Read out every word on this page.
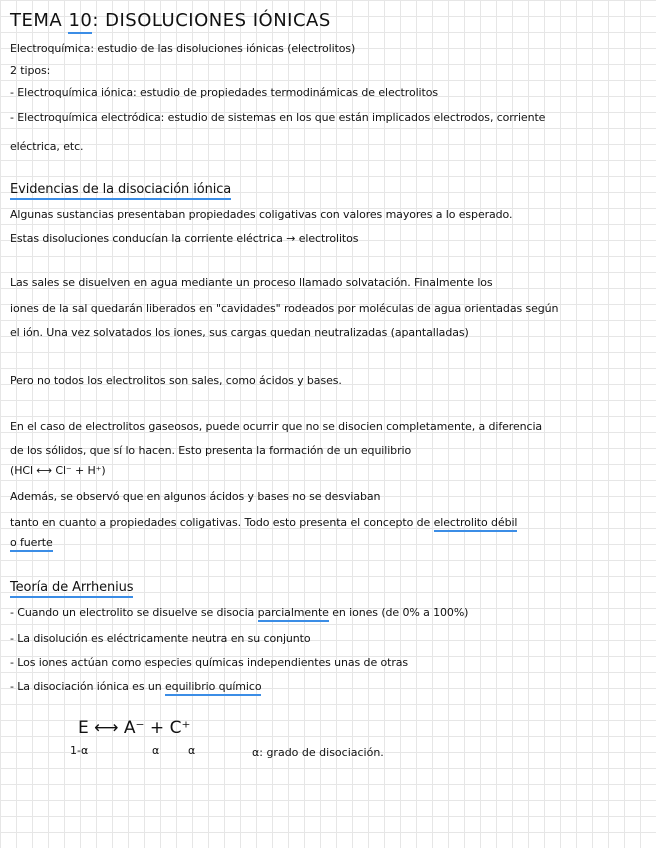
TEMA 10: DISOLUCIONES IÓNICAS
Electroquímica: estudio de las disoluciones iónicas (electrolitos)
2 tipos:
- Electroquímica iónica: estudio de propiedades termodinámicas de electrolitos
- Electroquímica electródica: estudio de sistemas en los que están implicados electrodos, corriente
eléctrica, etc.
Evidencias de la disociación iónica
Algunas sustancias presentaban propiedades coligativas con valores mayores a lo esperado.
Estas disoluciones conducían la corriente eléctrica → electrolitos
Las sales se disuelven en agua mediante un proceso llamado solvatación. Finalmente los
iones de la sal quedarán liberados en "cavidades" rodeados por moléculas de agua orientadas según
el ión. Una vez solvatados los iones, sus cargas quedan neutralizadas (apantalladas)
Pero no todos los electrolitos son sales, como ácidos y bases.
En el caso de electrolitos gaseosos, puede ocurrir que no se disocien completamente, a diferencia
de los sólidos, que sí lo hacen. Esto presenta la formación de un equilibrio
(HCl ⟷ Cl⁻ + H⁺)
Además, se observó que en algunos ácidos y bases no se desviaban
tanto en cuanto a propiedades coligativas. Todo esto presenta el concepto de electrolito débil
o fuerte
Teoría de Arrhenius
- Cuando un electrolito se disuelve se disocia parcialmente en iones (de 0% a 100%)
- La disolución es eléctricamente neutra en su conjunto
- Los iones actúan como especies químicas independientes unas de otras
- La disociación iónica es un equilibrio químico
E ⟷ A⁻ + C⁺
1-α	α	α	α: grado de disociación.
